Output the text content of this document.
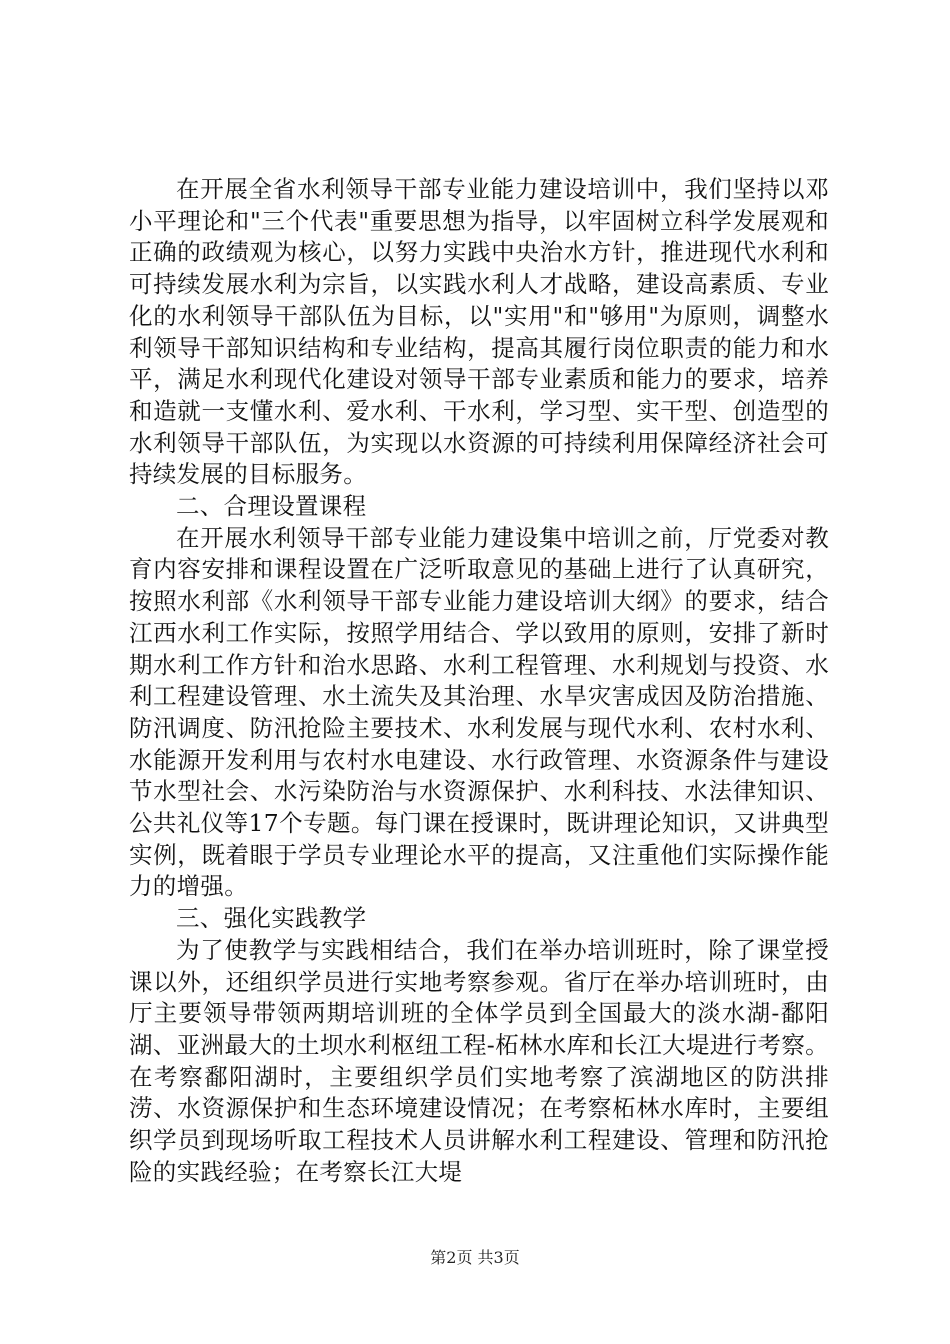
在开展全省水利领导干部专业能力建设培训中，我们坚持以邓小平理论和"三个代表"重要思想为指导，以牢固树立科学发展观和正确的政绩观为核心，以努力实践中央治水方针，推进现代水利和可持续发展水利为宗旨，以实践水利人才战略，建设高素质、专业化的水利领导干部队伍为目标，以"实用"和"够用"为原则，调整水利领导干部知识结构和专业结构，提高其履行岗位职责的能力和水平，满足水利现代化建设对领导干部专业素质和能力的要求，培养和造就一支懂水利、爱水利、干水利，学习型、实干型、创造型的水利领导干部队伍，为实现以水资源的可持续利用保障经济社会可持续发展的目标服务。

二、合理设置课程

在开展水利领导干部专业能力建设集中培训之前，厅党委对教育内容安排和课程设置在广泛听取意见的基础上进行了认真研究，按照水利部《水利领导干部专业能力建设培训大纲》的要求，结合江西水利工作实际，按照学用结合、学以致用的原则，安排了新时期水利工作方针和治水思路、水利工程管理、水利规划与投资、水利工程建设管理、水土流失及其治理、水旱灾害成因及防治措施、防汛调度、防汛抢险主要技术、水利发展与现代水利、农村水利、水能源开发利用与农村水电建设、水行政管理、水资源条件与建设节水型社会、水污染防治与水资源保护、水利科技、水法律知识、公共礼仪等17个专题。每门课在授课时，既讲理论知识，又讲典型实例，既着眼于学员专业理论水平的提高，又注重他们实际操作能力的增强。

三、强化实践教学

为了使教学与实践相结合，我们在举办培训班时，除了课堂授课以外，还组织学员进行实地考察参观。省厅在举办培训班时，由厅主要领导带领两期培训班的全体学员到全国最大的淡水湖-鄱阳湖、亚洲最大的土坝水利枢纽工程-柘林水库和长江大堤进行考察。在考察鄱阳湖时，主要组织学员们实地考察了滨湖地区的防洪排涝、水资源保护和生态环境建设情况；在考察柘林水库时，主要组织学员到现场听取工程技术人员讲解水利工程建设、管理和防汛抢险的实践经验；在考察长江大堤

第2页 共3页
